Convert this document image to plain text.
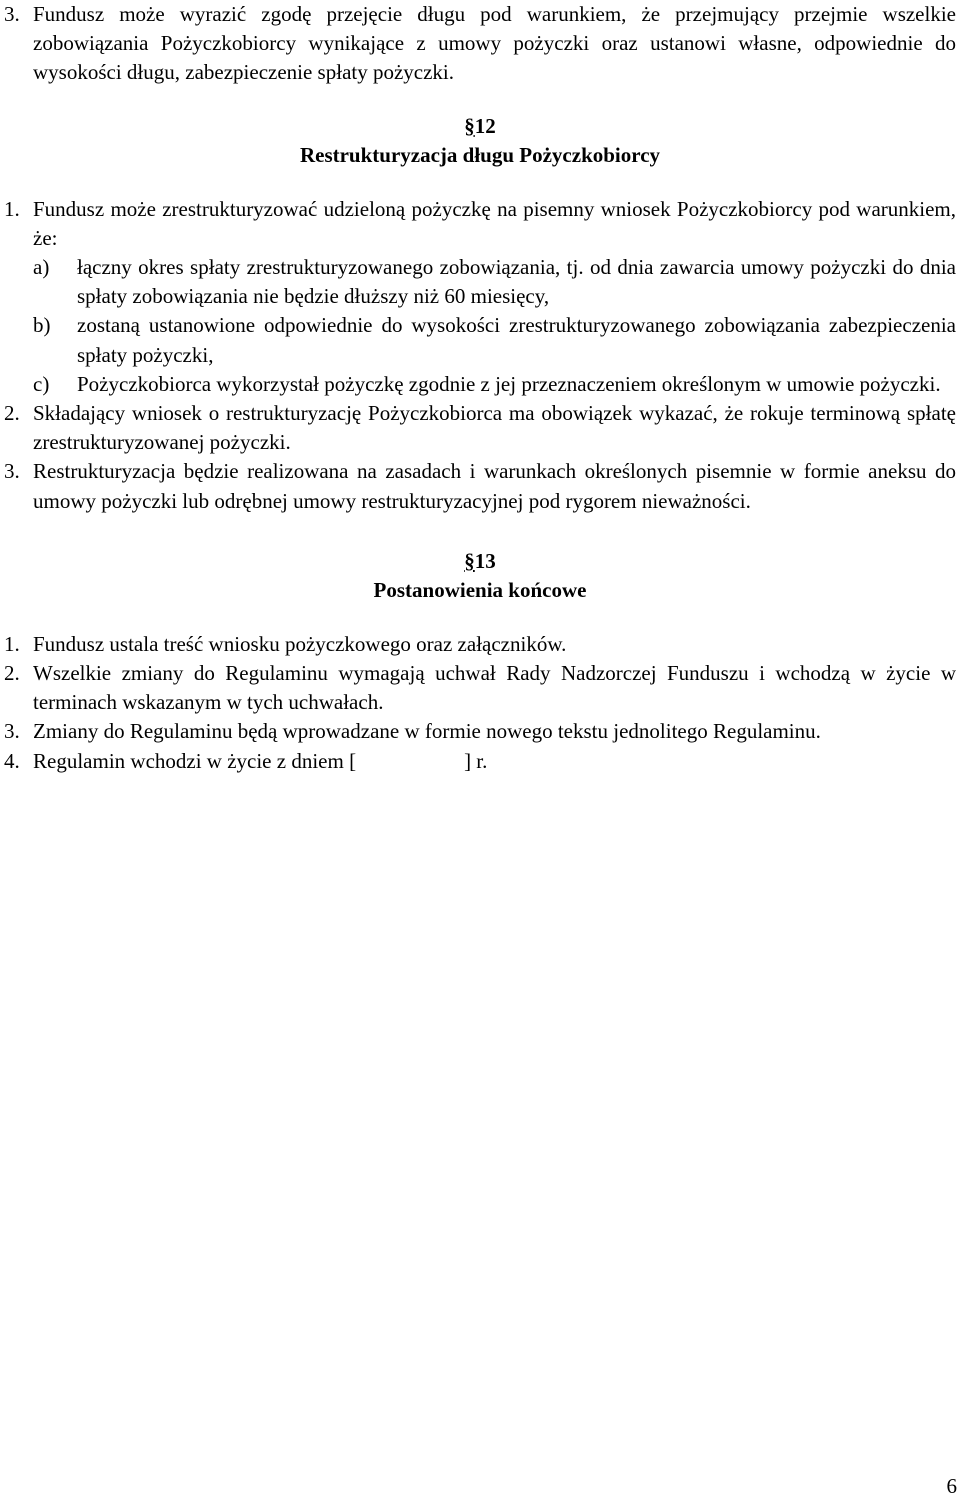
3. Fundusz może wyrazić zgodę przejęcie długu pod warunkiem, że przejmujący przejmie wszelkie zobowiązania Pożyczkobiorcy wynikające z umowy pożyczki oraz ustanowi własne, odpowiednie do wysokości długu, zabezpieczenie spłaty pożyczki.
§12
Restrukturyzacja długu Pożyczkobiorcy
1. Fundusz może zrestrukturyzować udzieloną pożyczkę na pisemny wniosek Pożyczkobiorcy pod warunkiem, że:
a) łączny okres spłaty zrestrukturyzowanego zobowiązania, tj. od dnia zawarcia umowy pożyczki do dnia spłaty zobowiązania nie będzie dłuższy niż 60 miesięcy,
b) zostaną ustanowione odpowiednie do wysokości zrestrukturyzowanego zobowiązania zabezpieczenia spłaty pożyczki,
c) Pożyczkobiorca wykorzystał pożyczkę zgodnie z jej przeznaczeniem określonym w umowie pożyczki.
2. Składający wniosek o restrukturyzację Pożyczkobiorca ma obowiązek wykazać, że rokuje terminową spłatę zrestrukturyzowanej pożyczki.
3. Restrukturyzacja będzie realizowana na zasadach i warunkach określonych pisemnie w formie aneksu do umowy pożyczki lub odrębnej umowy restrukturyzacyjnej pod rygorem nieważności.
§13
Postanowienia końcowe
1. Fundusz ustala treść wniosku pożyczkowego oraz załączników.
2. Wszelkie zmiany do Regulaminu wymagają uchwał Rady Nadzorczej Funduszu i wchodzą w życie w terminach wskazanym w tych uchwałach.
3. Zmiany do Regulaminu będą wprowadzane w formie nowego tekstu jednolitego Regulaminu.
4. Regulamin wchodzi w życie z dniem [	] r.
6
